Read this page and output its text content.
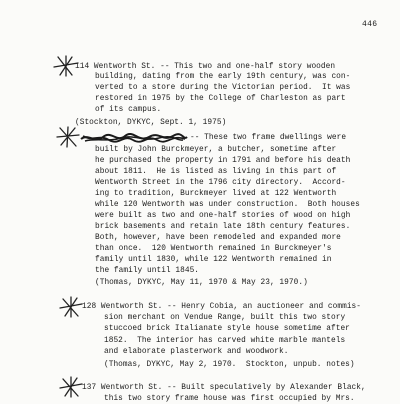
446
114 Wentworth St. -- This two and one-half story wooden
building, dating from the early 19th century, was con-
verted to a store during the Victorian period.  It was
restored in 1975 by the College of Charleston as part
of its campus.
(Stockton, DYKYC, Sept. 1, 1975)
-- These two frame dwellings were
built by John Burckmeyer, a butcher, sometime after
he purchased the property in 1791 and before his death
about 1811.  He is listed as living in this part of
Wentworth Street in the 1796 city directory.  Accord-
ing to tradition, Burckmeyer lived at 122 Wentworth
while 120 Wentworth was under construction.  Both houses
were built as two and one-half stories of wood on high
brick basements and retain late 18th century features.
Both, however, have been remodeled and expanded more
than once.  120 Wentworth remained in Burckmeyer's
family until 1830, while 122 Wentworth remained in
the family until 1845.
(Thomas, DYKYC, May 11, 1970 & May 23, 1970.)
128 Wentworth St. -- Henry Cobia, an auctioneer and commis-
sion merchant on Vendue Range, built this two story
stuccoed brick Italianate style house sometime after
1852.  The interior has carved white marble mantels
and elaborate plasterwork and woodwork.
(Thomas, DYKYC, May 2, 1970.  Stockton, unpub. notes)
137 Wentworth St. -- Built speculatively by Alexander Black,
this two story frame house was first occupied by Mrs.
